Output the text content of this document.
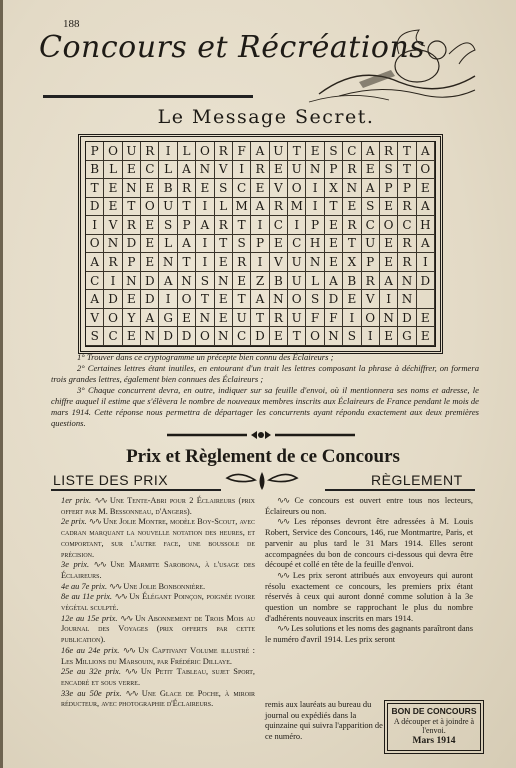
188
Concours et Récréations
Le Message Secret.
P O U R I	L O R F A U T E S C A R T A
B L E C L A N V I R E U N P R E S T O
T E N E B R E S C E V O I X N A P P E
D E T O U T	I	L M A R M I T E S E R A
I V R E S P A R T I C I P E R C O C H
O N D E L A I T S P E C H E T U E R A
A R P E N T	I E R I V U N E X P E R I
C I N D A N S N E Z B U L A B R A N D
A D E D I O T E T A N O S D E V I N
V O Y A G E N E U T R U F F I O N D E
S C E N D D O N C D E T O N S I E G E

1° Trouver dans ce cryptogramme un précepte bien connu des Éclaireurs ;

2° Certaines lettres étant inutiles, en entourant d'un trait les lettres composant la phrase à déchiffrer, on formera trois grandes lettres, également bien connues des Éclaireurs ;

3° Chaque concurrent devra, en outre, indiquer sur sa feuille d'envoi, où il mentionnera ses noms et adresse, le chiffre auquel il estime que s'élèvera le nombre de nouveaux membres inscrits aux Éclaireurs de France pendant le mois de mars 1914. Cette réponse nous permettra de départager les concurrents ayant répondu exactement aux deux premières questions.

Prix et Règlement de ce Concours
LISTE DES PRIX	RÈGLEMENT

1er prix. ∿∿ Une Tente-Abri pour 2 Éclaireurs (prix offert par M. Bessonneau, d'Angers).

2e prix. ∿∿ Une Jolie Montre, modèle Boy-Scout, avec cadran marquant la nouvelle notation des heures, et comportant, sur l'autre face, une boussole de précision.

3e prix. ∿∿ Une Marmite Sarobona, à l'usage des Éclaireurs.

4e au 7e prix. ∿∿ Une Jolie Bonbonnière.

8e au 11e prix. ∿∿ Un Élégant Poinçon, poignée ivoire végétal sculpté.

12e au 15e prix. ∿∿ Un Abonnement de Trois Mois au Journal des Voyages (prix offerts par cette publication).

16e au 24e prix. ∿∿ Un Captivant Volume illustré : Les Millions du Marsouin, par Frédéric Dillaye.

25e au 32e prix. ∿∿ Un Petit Tableau, sujet Sport, encadré et sous verre.

33e au 50e prix. ∿∿ Une Glace de Poche, à miroir réducteur, avec photographie d'Éclaireurs.

∿∿ Ce concours est ouvert entre tous nos lecteurs, Éclaireurs ou non.

∿∿ Les réponses devront être adressées à M. Louis Robert, Service des Concours, 146, rue Montmartre, Paris, et parvenir au plus tard le 31 Mars 1914. Elles seront accompagnées du bon de concours ci-dessous qui devra être découpé et collé en tête de la feuille d'envoi.

∿∿ Les prix seront attribués aux envoyeurs qui auront résolu exactement ce concours, les premiers prix étant réservés à ceux qui auront donné comme solution à la 3e question un nombre se rapprochant le plus du nombre d'adhérents nouveaux inscrits en mars 1914.

∿∿ Les solutions et les noms des gagnants paraîtront dans le numéro d'avril 1914. Les prix seront

remis aux lauréats au bureau du journal ou expédiés dans la quinzaine qui suivra l'apparition de ce numéro.
BON DE CONCOURS
A découper et à joindre à l'envoi.
Mars 1914
